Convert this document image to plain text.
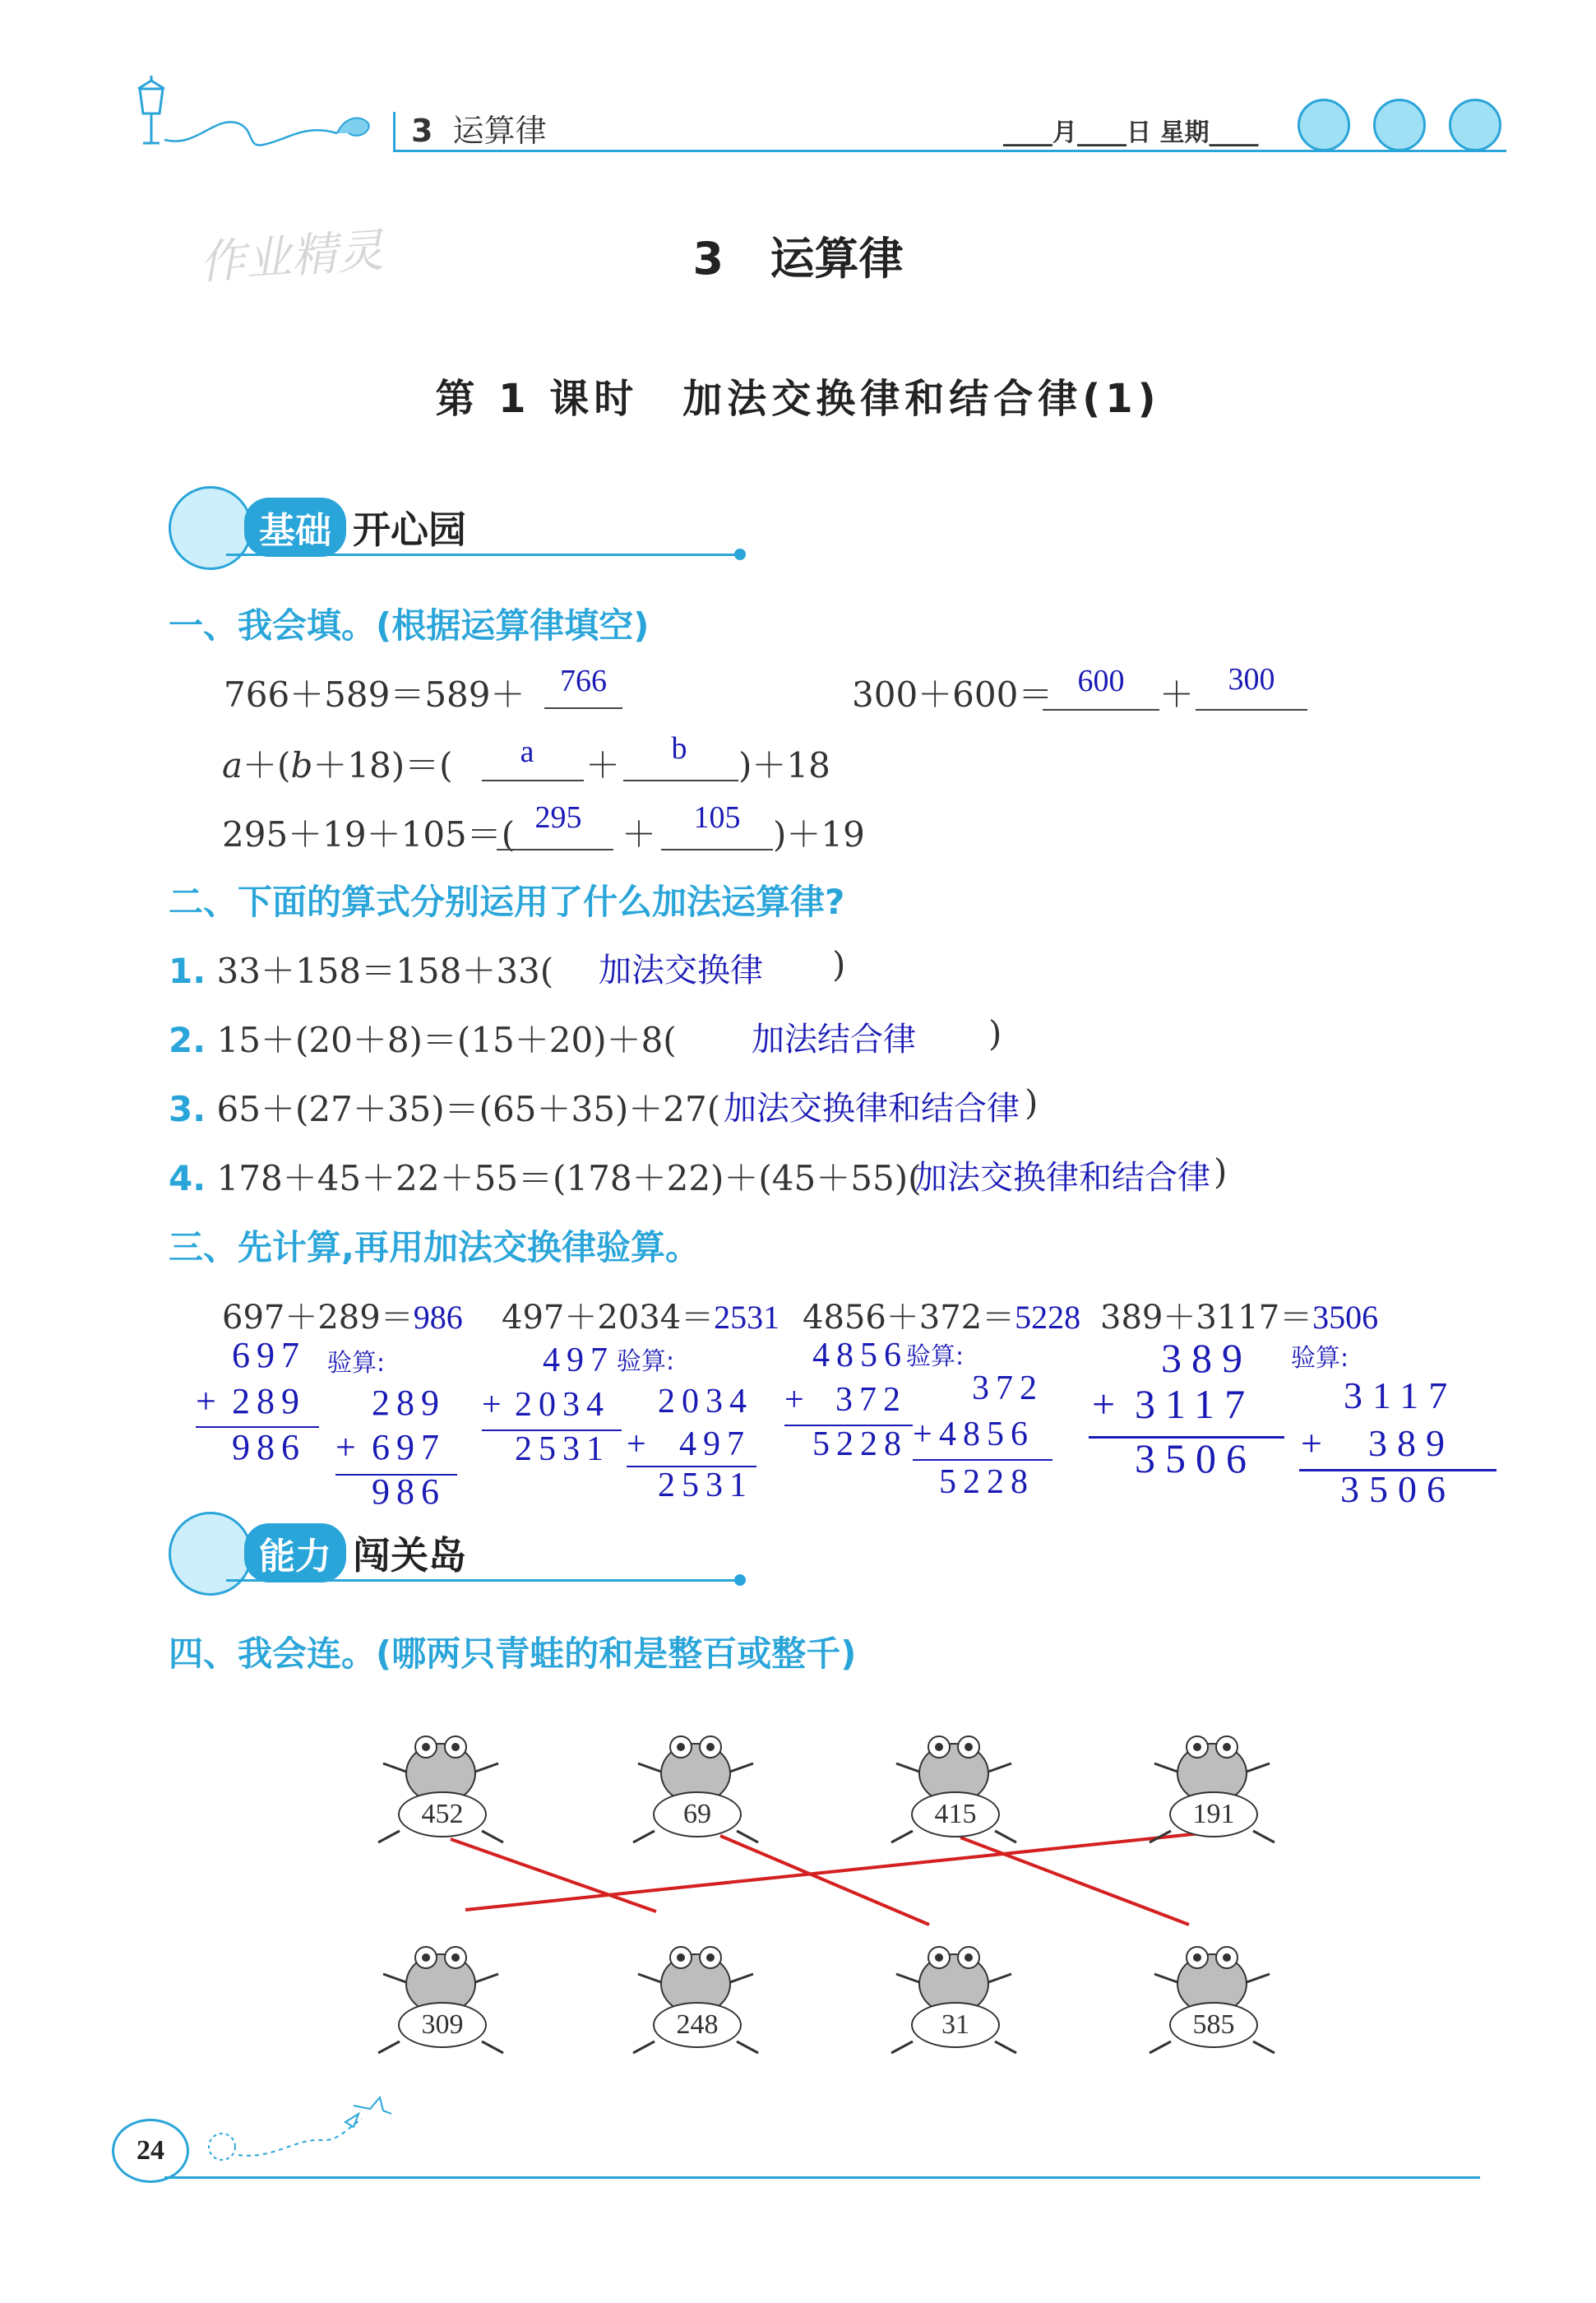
3 运算律	____月____日 星期____
作业精灵	3 运算律
第 1 课时　加法交换律和结合律(1)
基础 开心园
一、我会填。(根据运算律填空)
766＋589＝589＋	766	300＋600＝ 600	＋	300
a＋(b＋18)＝(	a	＋	b	)＋18
295＋19＋105＝( 295	＋	105 )＋19
二、下面的算式分别运用了什么加法运算律?
1. 33＋158＝158＋33( 加法交换律 )
2. 15＋(20＋8)＝(15＋20)＋8( 加法结合律 )
3. 65＋(27＋35)＝(65＋35)＋27( 加法交换律和结合律 )
4. 178＋45＋22＋55＝(178＋22)＋(45＋55)(
加法交换律和结合律 )
三、先计算,再用加法交换律验算。
697＋289＝986 497＋2034＝2531 4856＋372＝5228 389＋3117＝3506
697
+ 289
986
验算:
289
+ 697
986
497
+ 2034
2531
验算:
2034
+ 497
2531
4856
+ 372
5228
验算:
372
+ 4856
5228
389
+ 3117
3506
验算:
3117
+ 389
3506
能力 闯关岛
四、我会连。(哪两只青蛙的和是整百或整千)
452	69	415	191
309	248	31	585
24
